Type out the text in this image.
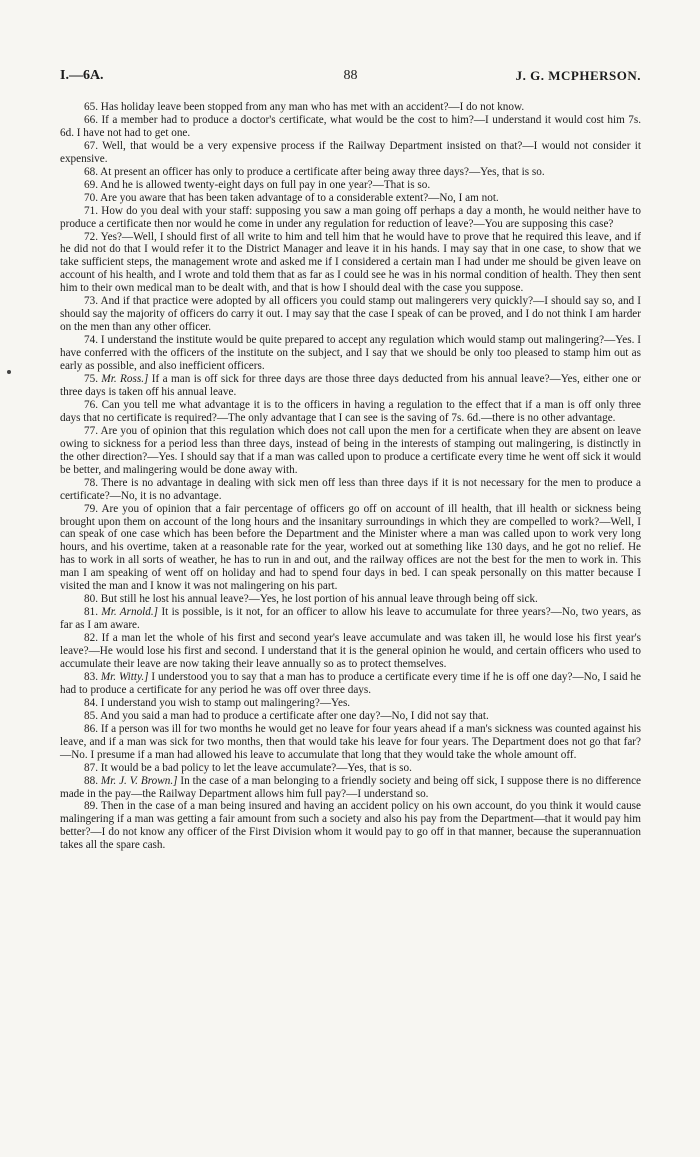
I.—6A.	88	J. G. MCPHERSON.

65. Has holiday leave been stopped from any man who has met with an accident?—I do not know.

66. If a member had to produce a doctor's certificate, what would be the cost to him?—I understand it would cost him 7s. 6d. I have not had to get one.

67. Well, that would be a very expensive process if the Railway Department insisted on that?—I would not consider it expensive.

68. At present an officer has only to produce a certificate after being away three days?—Yes, that is so.

69. And he is allowed twenty-eight days on full pay in one year?—That is so.

70. Are you aware that has been taken advantage of to a considerable extent?—No, I am not.

71. How do you deal with your staff: supposing you saw a man going off perhaps a day a month, he would neither have to produce a certificate then nor would he come in under any regulation for reduction of leave?—You are supposing this case?

72. Yes?—Well, I should first of all write to him and tell him that he would have to prove that he required this leave, and if he did not do that I would refer it to the District Manager and leave it in his hands. I may say that in one case, to show that we take sufficient steps, the management wrote and asked me if I considered a certain man I had under me should be given leave on account of his health, and I wrote and told them that as far as I could see he was in his normal condition of health. They then sent him to their own medical man to be dealt with, and that is how I should deal with the case you suppose.

73. And if that practice were adopted by all officers you could stamp out malingerers very quickly?—I should say so, and I should say the majority of officers do carry it out. I may say that the case I speak of can be proved, and I do not think I am harder on the men than any other officer.

74. I understand the institute would be quite prepared to accept any regulation which would stamp out malingering?—Yes. I have conferred with the officers of the institute on the subject, and I say that we should be only too pleased to stamp him out as early as possible, and also inefficient officers.

75. Mr. Ross.] If a man is off sick for three days are those three days deducted from his annual leave?—Yes, either one or three days is taken off his annual leave.

76. Can you tell me what advantage it is to the officers in having a regulation to the effect that if a man is off only three days that no certificate is required?—The only advantage that I can see is the saving of 7s. 6d.—there is no other advantage.

77. Are you of opinion that this regulation which does not call upon the men for a certificate when they are absent on leave owing to sickness for a period less than three days, instead of being in the interests of stamping out malingering, is distinctly in the other direction?—Yes. I should say that if a man was called upon to produce a certificate every time he went off sick it would be better, and malingering would be done away with.

78. There is no advantage in dealing with sick men off less than three days if it is not necessary for the men to produce a certificate?—No, it is no advantage.

79. Are you of opinion that a fair percentage of officers go off on account of ill health, that ill health or sickness being brought upon them on account of the long hours and the insanitary surroundings in which they are compelled to work?—Well, I can speak of one case which has been before the Department and the Minister where a man was called upon to work very long hours, and his overtime, taken at a reasonable rate for the year, worked out at something like 130 days, and he got no relief. He has to work in all sorts of weather, he has to run in and out, and the railway offices are not the best for the men to work in. This man I am speaking of went off on holiday and had to spend four days in bed. I can speak personally on this matter because I visited the man and I know it was not malingering on his part.

80. But still he lost his annual leave?—Yes, he lost portion of his annual leave through being off sick.

81. Mr. Arnold.] It is possible, is it not, for an officer to allow his leave to accumulate for three years?—No, two years, as far as I am aware.

82. If a man let the whole of his first and second year's leave accumulate and was taken ill, he would lose his first year's leave?—He would lose his first and second. I understand that it is the general opinion he would, and certain officers who used to accumulate their leave are now taking their leave annually so as to protect themselves.

83. Mr. Witty.] I understood you to say that a man has to produce a certificate every time if he is off one day?—No, I said he had to produce a certificate for any period he was off over three days.

84. I understand you wish to stamp out malingering?—Yes.

85. And you said a man had to produce a certificate after one day?—No, I did not say that.

86. If a person was ill for two months he would get no leave for four years ahead if a man's sickness was counted against his leave, and if a man was sick for two months, then that would take his leave for four years. The Department does not go that far?—No. I presume if a man had allowed his leave to accumulate that long that they would take the whole amount off.

87. It would be a bad policy to let the leave accumulate?—Yes, that is so.

88. Mr. J. V. Brown.] In the case of a man belonging to a friendly society and being off sick, I suppose there is no difference made in the pay—the Railway Department allows him full pay?—I understand so.

89. Then in the case of a man being insured and having an accident policy on his own account, do you think it would cause malingering if a man was getting a fair amount from such a society and also his pay from the Department—that it would pay him better?—I do not know any officer of the First Division whom it would pay to go off in that manner, because the superannuation takes all the spare cash.
